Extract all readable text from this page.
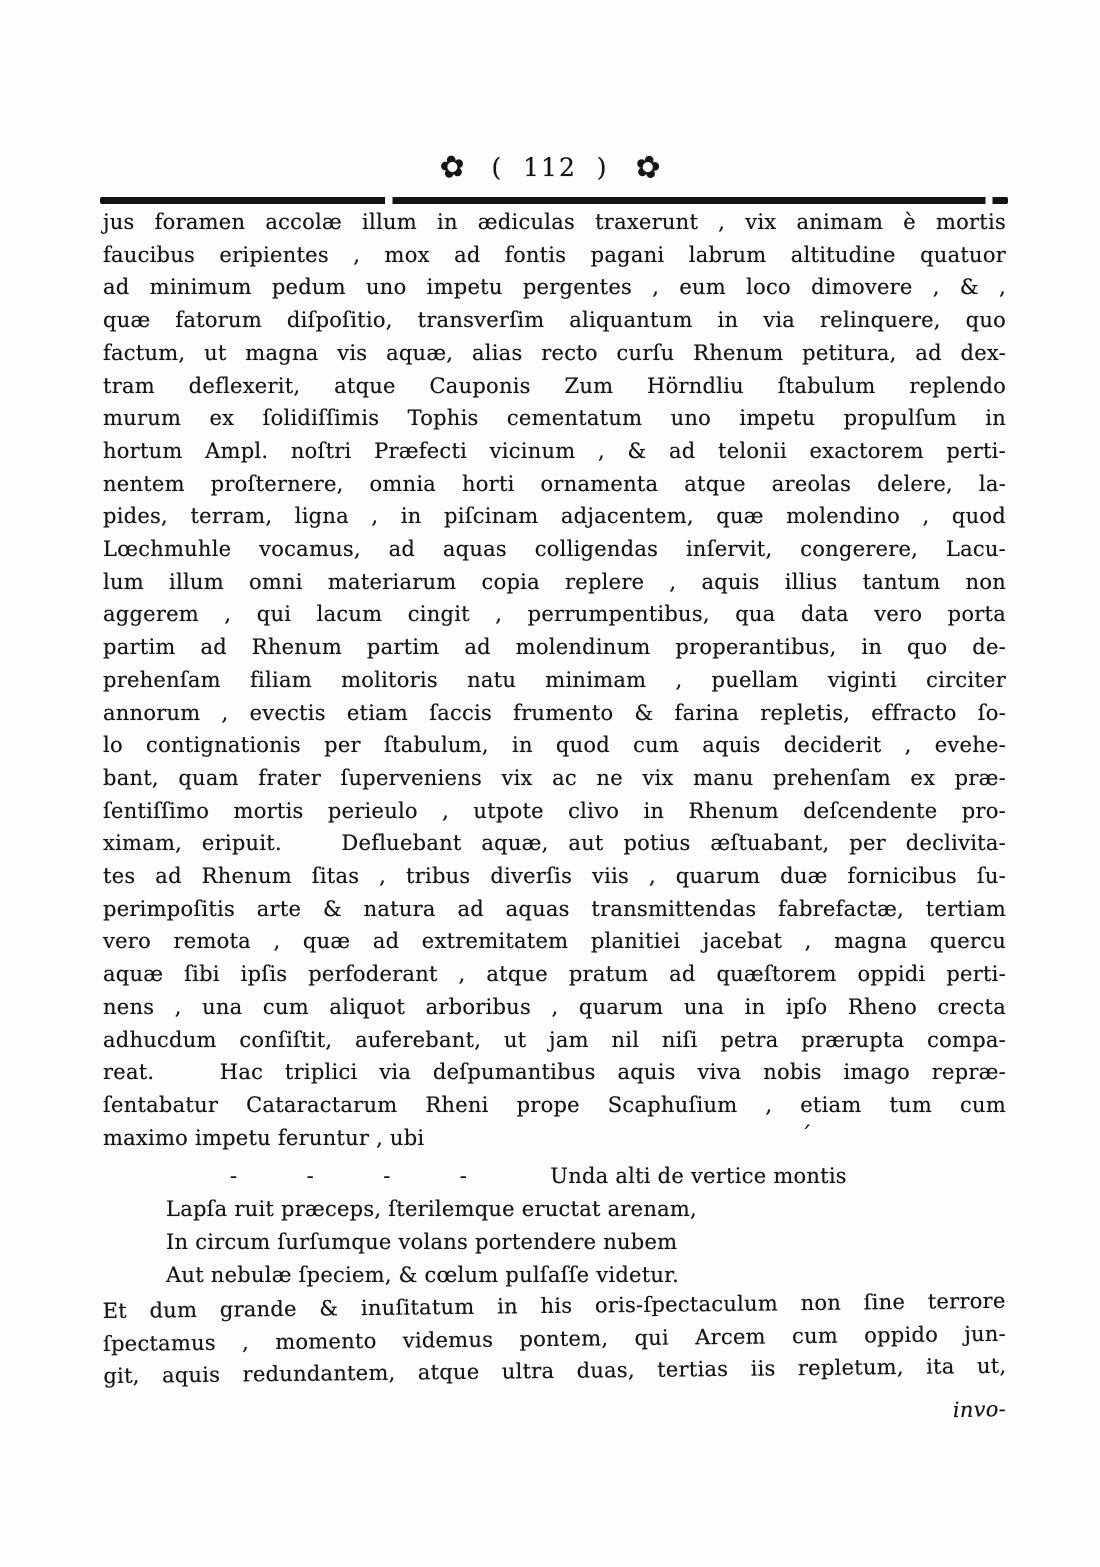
✿ (  112  ) ✿
jus foramen accolæ illum in ædiculas traxerunt , vix animam è mortis
faucibus eripientes , mox ad fontis pagani labrum altitudine quatuor
ad minimum pedum uno impetu pergentes , eum loco dimovere , & ,
quæ fatorum diſpoſitio, transverſim aliquantum in via relinquere, quo
factum, ut magna vis aquæ, alias recto curſu Rhenum petitura, ad dex-
tram deflexerit, atque Cauponis Zum Hörndliu ſtabulum replendo
murum ex ſolidiſſimis Tophis cementatum uno impetu propulſum in
hortum Ampl. noſtri Præfecti vicinum , & ad telonii exactorem perti-
nentem proſternere, omnia horti ornamenta atque areolas delere, la-
pides, terram, ligna , in piſcinam adjacentem, quæ molendino , quod
Lœchmuhle vocamus, ad aquas colligendas inſervit, congerere, Lacu-
lum illum omni materiarum copia replere , aquis illius tantum non
aggerem , qui lacum cingit , perrumpentibus, qua data vero porta
partim ad Rhenum partim ad molendinum properantibus, in quo de-
prehenſam filiam molitoris natu minimam , puellam viginti circiter
annorum , evectis etiam ſaccis frumento & farina repletis, effracto ſo-
lo contignationis per ſtabulum, in quod cum aquis deciderit , evehe-
bant, quam frater ſuperveniens vix ac ne vix manu prehenſam ex præ-
ſentiſſimo mortis perieulo , utpote clivo in Rhenum deſcendente pro-
ximam, eripuit.   Defluebant aquæ, aut potius æſtuabant, per declivita-
tes ad Rhenum ſitas , tribus diverſis viis , quarum duæ fornicibus ſu-
perimpoſitis arte & natura ad aquas transmittendas fabrefactæ, tertiam
vero remota , quæ ad extremitatem planitiei jacebat , magna quercu
aquæ ſibi ipſis perfoderant , atque pratum ad quæſtorem oppidi perti-
nens , una cum aliquot arboribus , quarum una in ipſo Rheno crecta
adhucdum conſiſtit, auferebant, ut jam nil niſi petra prærupta compa-
reat.   Hac triplici via deſpumantibus aquis viva nobis imago repræ-
ſentabatur Cataractarum Rheni prope Scaphuſium , etiam tum cum
maximo impetu feruntur , ubi
-          -          -          -            Unda alti de vertice montis
Lapſa ruit præceps, ſterilemque eructat arenam,
In circum ſurſumque volans portendere nubem
Aut nebulæ ſpeciem, & cœlum pulſaſſe videtur.
Et dum grande & inuſitatum in his oris-ſpectaculum non ſine terrore
ſpectamus , momento videmus pontem, qui Arcem cum oppido jun-
git, aquis redundantem, atque ultra duas, tertias iis repletum, ita ut,
invo-
´
